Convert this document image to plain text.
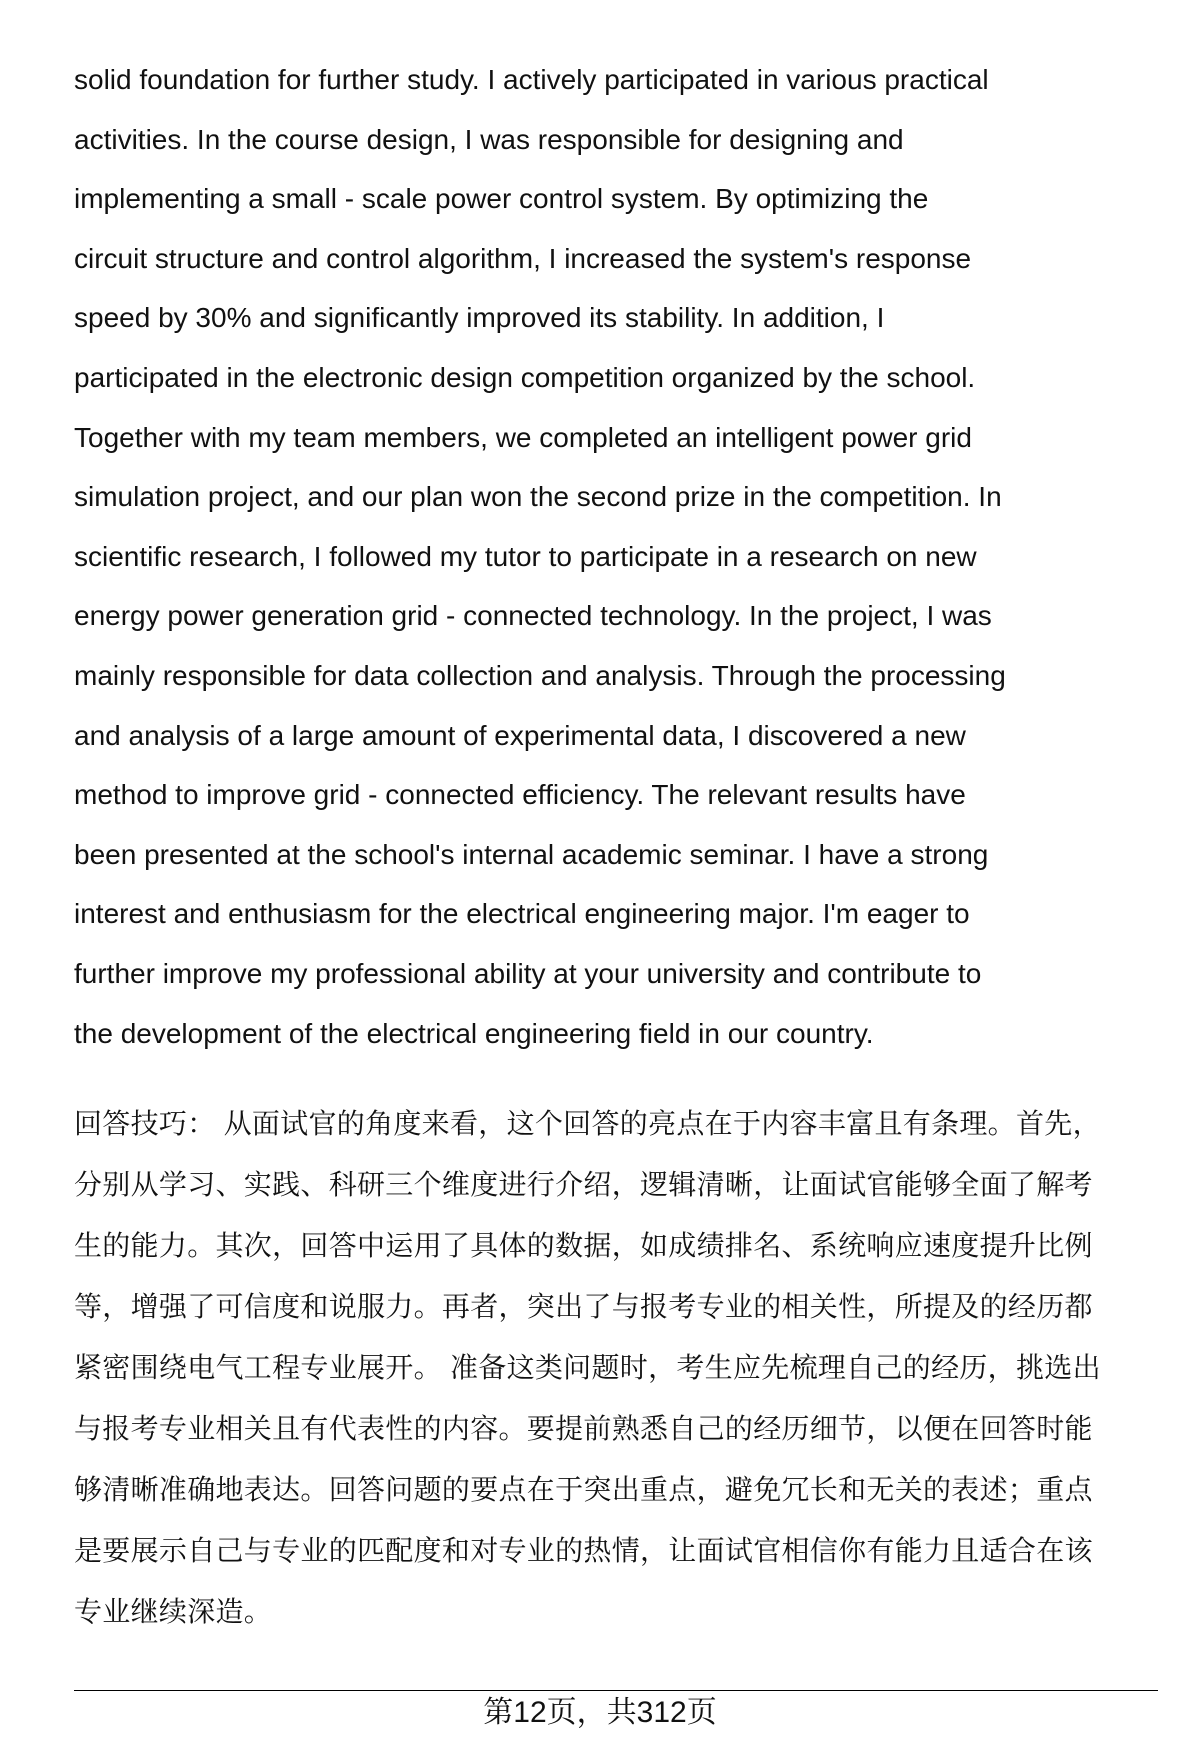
solid foundation for further study. I actively participated in various practical
activities. In the course design, I was responsible for designing and
implementing a small - scale power control system. By optimizing the
circuit structure and control algorithm, I increased the system's response
speed by 30% and significantly improved its stability. In addition, I
participated in the electronic design competition organized by the school.
Together with my team members, we completed an intelligent power grid
simulation project, and our plan won the second prize in the competition. In
scientific research, I followed my tutor to participate in a research on new
energy power generation grid - connected technology. In the project, I was
mainly responsible for data collection and analysis. Through the processing
and analysis of a large amount of experimental data, I discovered a new
method to improve grid - connected efficiency. The relevant results have
been presented at the school's internal academic seminar. I have a strong
interest and enthusiasm for the electrical engineering major. I'm eager to
further improve my professional ability at your university and contribute to
the development of the electrical engineering field in our country.
回答技巧： 从面试官的角度来看，这个回答的亮点在于内容丰富且有条理。首先，
分别从学习、实践、科研三个维度进行介绍，逻辑清晰，让面试官能够全面了解考
生的能力。其次，回答中运用了具体的数据，如成绩排名、系统响应速度提升比例
等，增强了可信度和说服力。再者，突出了与报考专业的相关性，所提及的经历都
紧密围绕电气工程专业展开。 准备这类问题时，考生应先梳理自己的经历，挑选出
与报考专业相关且有代表性的内容。要提前熟悉自己的经历细节，以便在回答时能
够清晰准确地表达。回答问题的要点在于突出重点，避免冗长和无关的表述；重点
是要展示自己与专业的匹配度和对专业的热情，让面试官相信你有能力且适合在该
专业继续深造。
第12页，共312页
